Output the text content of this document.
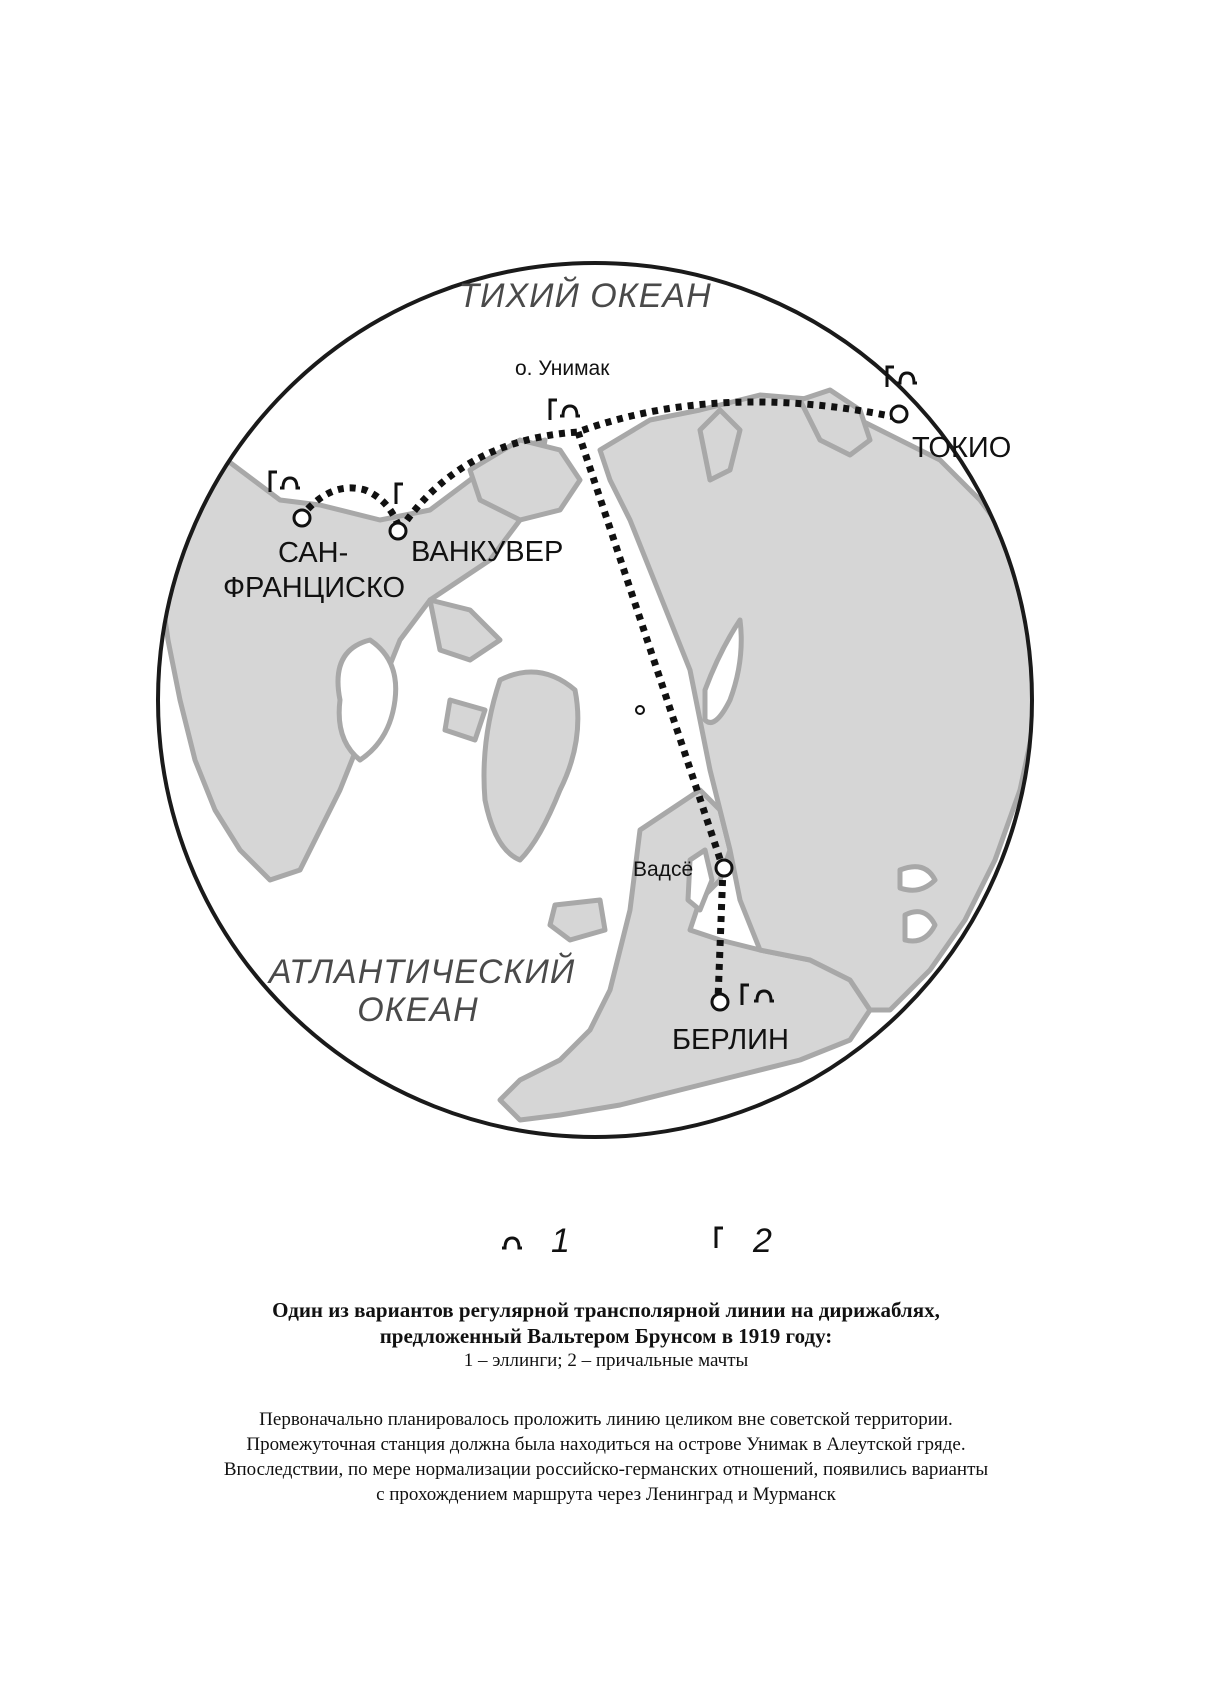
ТИХИЙ ОКЕАН
АТЛАНТИЧЕСКИЙ
ОКЕАН
о. Унимак
ТОКИО
САН-
ФРАНЦИСКО
ВАНКУВЕР
Вадсё
БЕРЛИН
1	2
Один из вариантов регулярной трансполярной линии на дирижаблях,
предложенный Вальтером Брунсом в 1919 году:
1 – эллинги; 2 – причальные мачты
Первоначально планировалось проложить линию целиком вне советской территории.
Промежуточная станция должна была находиться на острове Унимак в Алеутской гряде.
Впоследствии, по мере нормализации российско-германских отношений, появились варианты
с прохождением маршрута через Ленинград и Мурманск
